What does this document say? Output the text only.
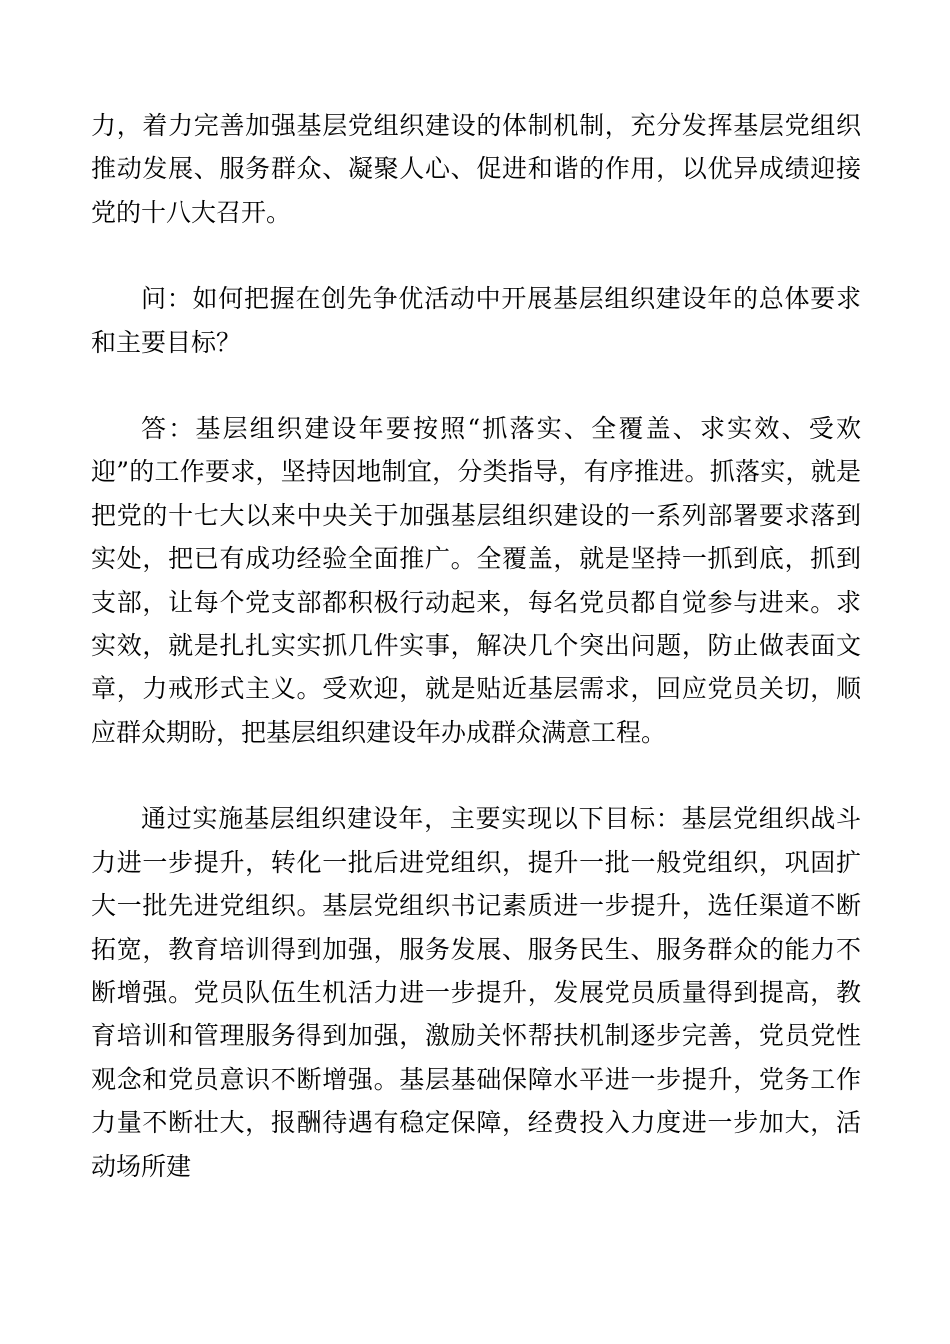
力，着力完善加强基层党组织建设的体制机制，充分发挥基层党组织推动发展、服务群众、凝聚人心、促进和谐的作用，以优异成绩迎接党的十八大召开。

问：如何把握在创先争优活动中开展基层组织建设年的总体要求和主要目标？

答：基层组织建设年要按照“抓落实、全覆盖、求实效、受欢迎”的工作要求，坚持因地制宜，分类指导，有序推进。抓落实，就是把党的十七大以来中央关于加强基层组织建设的一系列部署要求落到实处，把已有成功经验全面推广。全覆盖，就是坚持一抓到底，抓到支部，让每个党支部都积极行动起来，每名党员都自觉参与进来。求实效，就是扎扎实实抓几件实事，解决几个突出问题，防止做表面文章，力戒形式主义。受欢迎，就是贴近基层需求，回应党员关切，顺应群众期盼，把基层组织建设年办成群众满意工程。

通过实施基层组织建设年，主要实现以下目标：基层党组织战斗力进一步提升，转化一批后进党组织，提升一批一般党组织，巩固扩大一批先进党组织。基层党组织书记素质进一步提升，选任渠道不断拓宽，教育培训得到加强，服务发展、服务民生、服务群众的能力不断增强。党员队伍生机活力进一步提升，发展党员质量得到提高，教育培训和管理服务得到加强，激励关怀帮扶机制逐步完善，党员党性观念和党员意识不断增强。基层基础保障水平进一步提升，党务工作力量不断壮大，报酬待遇有稳定保障，经费投入力度进一步加大，活动场所建
